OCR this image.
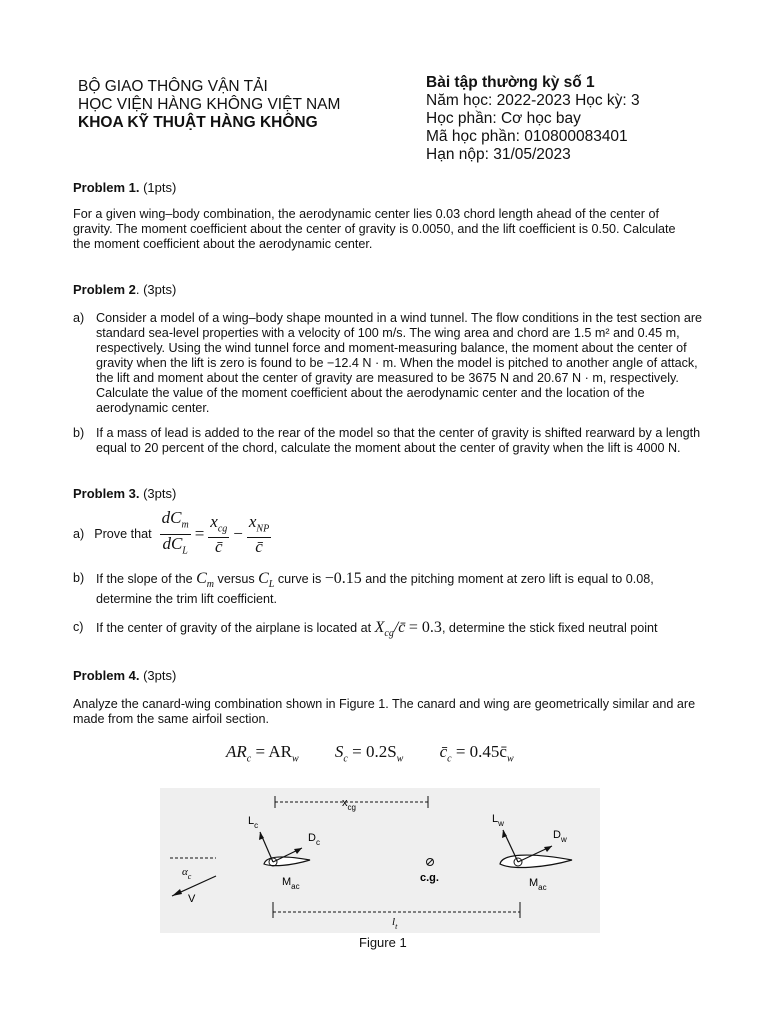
BỘ GIAO THÔNG VẬN TẢI
HỌC VIỆN HÀNG KHÔNG VIỆT NAM
KHOA KỸ THUẬT HÀNG KHÔNG
Bài tập thường kỳ số 1
Năm học: 2022-2023 Học kỳ: 3
Học phần: Cơ học bay
Mã học phần: 010800083401
Hạn nộp: 31/05/2023
Problem 1. (1pts)
For a given wing–body combination, the aerodynamic center lies 0.03 chord length ahead of the center of gravity. The moment coefficient about the center of gravity is 0.0050, and the lift coefficient is 0.50. Calculate the moment coefficient about the aerodynamic center.
Problem 2. (3pts)
a) Consider a model of a wing–body shape mounted in a wind tunnel. The flow conditions in the test section are standard sea-level properties with a velocity of 100 m/s. The wing area and chord are 1.5 m² and 0.45 m, respectively. Using the wind tunnel force and moment-measuring balance, the moment about the center of gravity when the lift is zero is found to be −12.4 N · m. When the model is pitched to another angle of attack, the lift and moment about the center of gravity are measured to be 3675 N and 20.67 N · m, respectively. Calculate the value of the moment coefficient about the aerodynamic center and the location of the aerodynamic center.
b) If a mass of lead is added to the rear of the model so that the center of gravity is shifted rearward by a length equal to 20 percent of the chord, calculate the moment about the center of gravity when the lift is 4000 N.
Problem 3. (3pts)
a) Prove that $\frac{dC_m}{dC_L} = \frac{x_{cg}}{c̄} - \frac{x_{NP}}{c̄}$
b) If the slope of the $C_m$ versus $C_L$ curve is −0.15 and the pitching moment at zero lift is equal to 0.08, determine the trim lift coefficient.
c) If the center of gravity of the airplane is located at $X_{cg}/c̄ = 0.3$, determine the stick fixed neutral point
Problem 4. (3pts)
Analyze the canard-wing combination shown in Figure 1. The canard and wing are geometrically similar and are made from the same airfoil section.
$AR_c = AR_w$ $S_c = 0.2S_w$ $c̄_c$ = $0.45c̄_w$
$x_{cg}$
$\alpha_c$
V
$L_c$
$D_c$
$M_{ac}$
c.g.
$L_w$
$D_w$
$M_{ac}$
$l_t$
Figure 1
